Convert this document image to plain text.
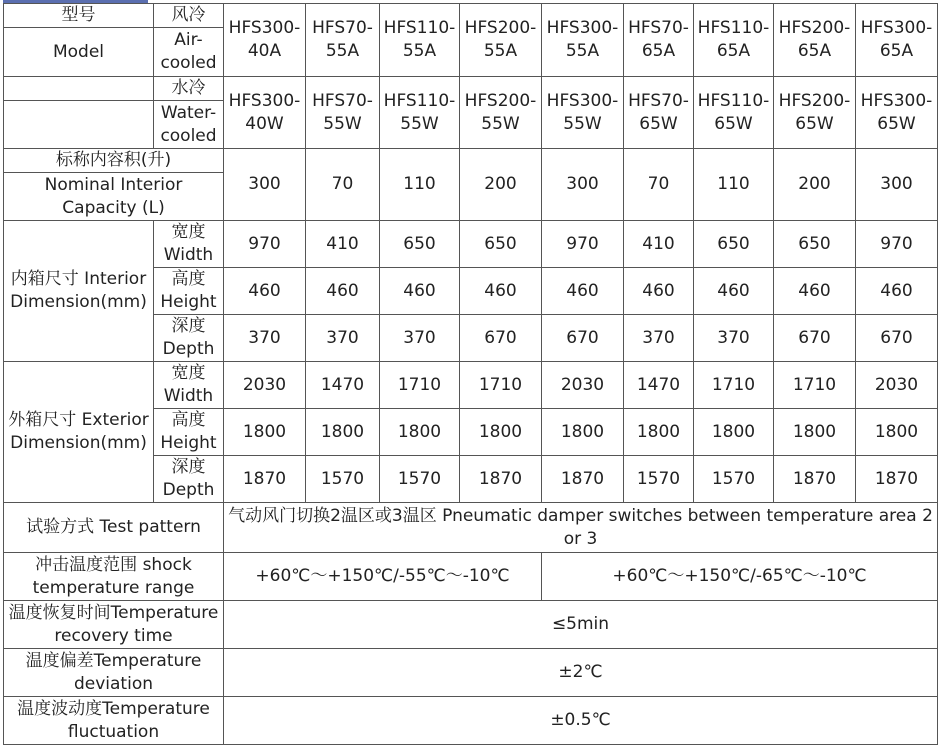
型号	风冷	HFS300-40A	HFS70-55A	HFS110-55A	HFS200-55A	HFS300-55A	HFS70-65A	HFS110-65A	HFS200-65A	HFS300-65A
Model	Air-cooled									

	水冷	HFS300-40W	HFS70-55W	HFS110-55W	HFS200-55W	HFS300-55W	HFS70-65W	HFS110-65W	HFS200-65W	HFS300-65W
	Water-cooled									
标称内容积(升)		300	70	110	200	300	70	110	200	300
Nominal Interior Capacity (L)										
内箱尺寸 Interior Dimension(mm)	宽度
Width	970	410	650	650	970	410	650	650	970

	高度
Height	460	460	460	460	460	460	460	460	460

	深度
Depth	370	370	370	670	670	370	370	670	670
外箱尺寸 Exterior Dimension(mm)	宽度
Width	2030	1470	1710	1710	2030	1470	1710	1710	2030

	高度
Height	1800	1800	1800	1800	1800	1800	1800	1800	1800

	深度
Depth	1870	1570	1570	1870	1870	1570	1570	1870	1870
试验方式 Test pattern		气动风门切换2温区或3温区 Pneumatic damper switches between temperature area 2 or 3								
冲击温度范围 shock temperature range		+60℃～+150℃/-55℃～-10℃				+60℃～+150℃/-65℃～-10℃				
温度恢复时间Temperature recovery time		≤5min								
温度偏差Temperature deviation		±2℃								
温度波动度Temperature fluctuation		±0.5℃								
